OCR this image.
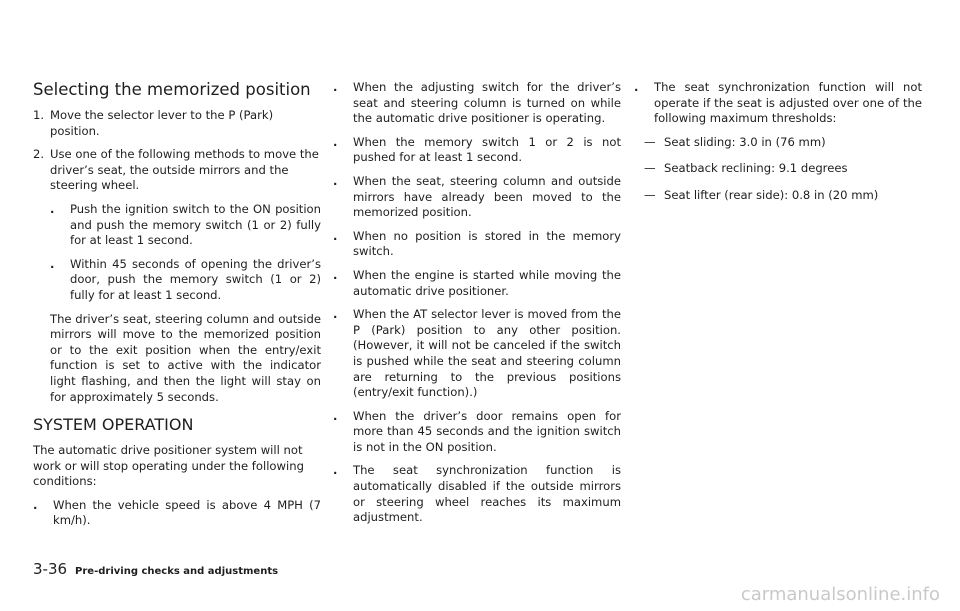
Selecting the memorized position
1. Move the selector lever to the P (Park) position.
2. Use one of the following methods to move the driver’s seat, the outside mirrors and the steering wheel.
.	Push the ignition switch to the ON position and push the memory switch (1 or 2) fully for at least 1 second.
.	Within 45 seconds of opening the driver’s door, push the memory switch (1 or 2) fully for at least 1 second.

The driver’s seat, steering column and outside mirrors will move to the memorized position or to the exit position when the entry/exit function is set to active with the indicator light flashing, and then the light will stay on for approximately 5 seconds.

SYSTEM OPERATION

The automatic drive positioner system will not work or will stop operating under the following conditions:

.	When the vehicle speed is above 4 MPH (7 km/h).
.	When the adjusting switch for the driver’s seat and steering column is turned on while the automatic drive positioner is operating.
.	When the memory switch 1 or 2 is not pushed for at least 1 second.
.	When the seat, steering column and outside mirrors have already been moved to the memorized position.
.	When no position is stored in the memory switch.
.	When the engine is started while moving the automatic drive positioner.
.	When the AT selector lever is moved from the P (Park) position to any other position. (However, it will not be canceled if the switch is pushed while the seat and steering column are returning to the previous positions (entry/exit function).)
.	When the driver’s door remains open for more than 45 seconds and the ignition switch is not in the ON position.
.	The seat synchronization function is automatically disabled if the outside mirrors or steering wheel reaches its maximum adjustment.
.	The seat synchronization function will not operate if the seat is adjusted over one of the following maximum thresholds:
— Seat sliding: 3.0 in (76 mm)
— Seatback reclining: 9.1 degrees
— Seat lifter (rear side): 0.8 in (20 mm)
3-36 Pre-driving checks and adjustments
carmanualsonline.info
